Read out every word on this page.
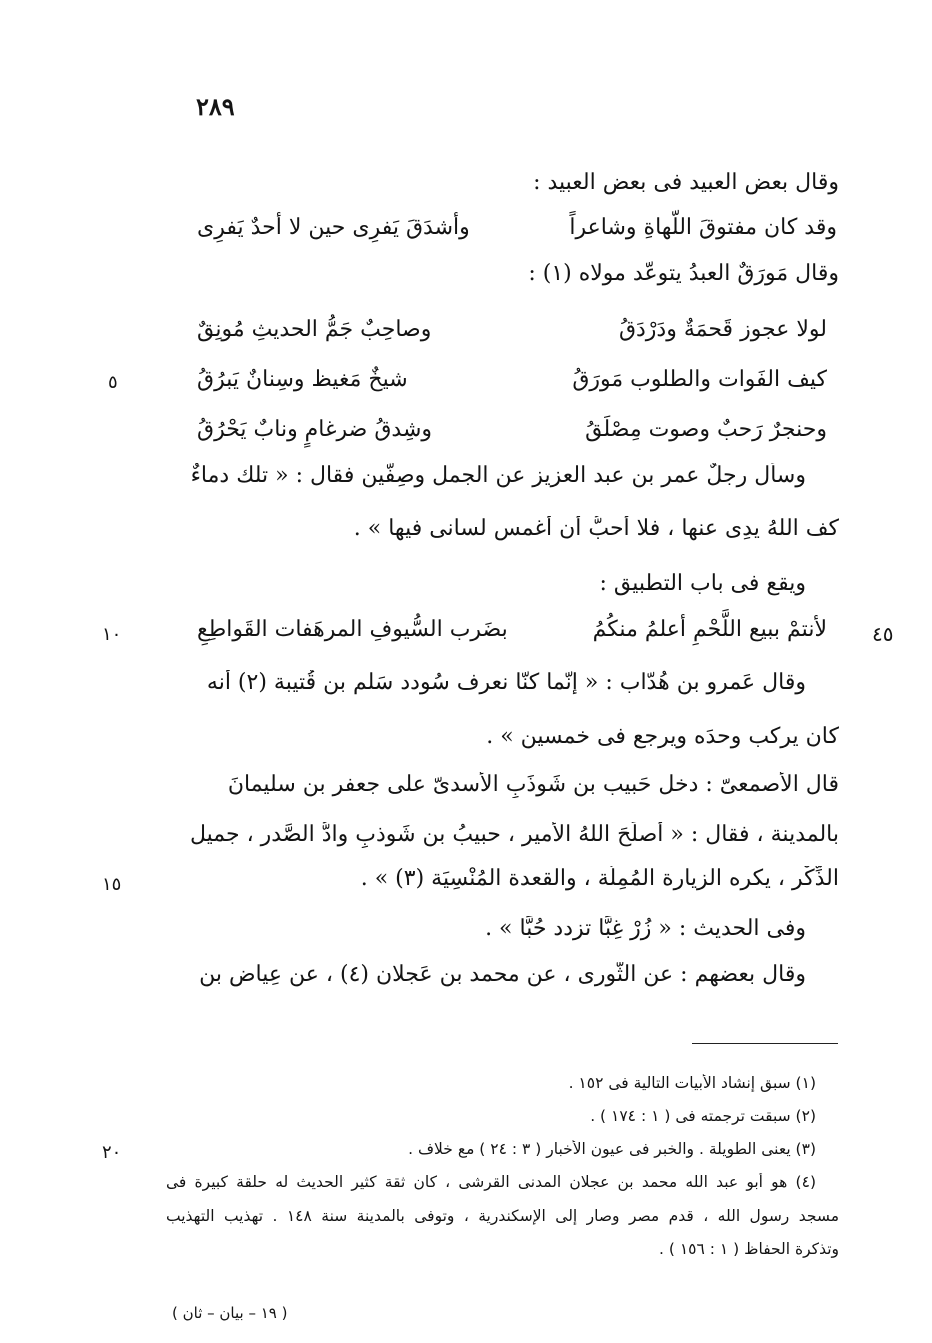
٢٨٩
وقال بعض العبيد فى بعض العبيد :
وقد كان مفتوقَ اللّهاةِ وشاعراً
وأشدَقَ يَفرِى حين لا أحدٌ يَفرِى
وقال مَورَقٌ العبدُ يتوعّد مولاه (١) :
لولا عجوز قَحمَةٌ ودَرْدَقُ
وصاحِبٌ جَمُّ الحديثِ مُونِقٌ
كيف الفَوات والطلوب مَورَقُ
شيخٌ مَغيظ وسِنانٌ يَبرُقُ
وحنجرٌ رَحبٌ وصوت مِصْلَقُ
وشِدقُ ضرغامٍ ونابٌ يَحْرُقُ
وسأل رجلٌ عمر بن عبد العزيز عن الجمل وصِفّين فقال : « تلك دماءٌ
كف اللهُ يدِى عنها ، فلا أحبُّ أن أغمس لسانى فيها » .
ويقع فى باب التطبيق :
لأنتمْ ببيع اللَّحْمِ أعلمُ منكُمُ
بضَرب السُّيوفِ المرهَفات القَواطِعِ
وقال عَمرو بن هُدّاب : « إنّما كنّا نعرف سُودد سَلم بن قُتيبة (٢) أنه
كان يركب وحدَه ويرجع فى خمسين » .
قال الأصمعىّ : دخل حَبيب بن شَوذَبِ الأسدىّ على جعفر بن سليمانَ
بالمدينة ، فقال : « أصلَحَ اللهُ الأمير ، حبيبُ بن شَوذبٍ وادُّ الصَّدر ، جميل
الذِّكْر ، يكره الزيارة المُمِلّة ، والقعدة المُنْسِيَة (٣) » .
وفى الحديث : « زُرْ غِبًّا تزدد حُبًّا » .
وقال بعضهم : عن الثّورى ، عن محمد بن عَجلان (٤) ، عن عِياض بن
٥
١٠
١٥
٢٠
٤٥
(١) سبق إنشاد الأبيات التالية فى ١٥٢ .
(٢) سبقت ترجمته فى ( ١ : ١٧٤ ) .
(٣) يعنى الطويلة . والخبر فى عيون الأخبار ( ٣ : ٢٤ ) مع خلاف .
(٤) هو أبو عبد الله محمد بن عجلان المدنى القرشى ، كان ثقة كثير الحديث له حلقة كبيرة فى
مسجد رسول الله ، قدم مصر وصار إلى الإسكندرية ، وتوفى بالمدينة سنة ١٤٨ . تهذيب التهذيب
وتذكرة الحفاظ ( ١ : ١٥٦ ) .
( ١٩ – بيان – ثان )
